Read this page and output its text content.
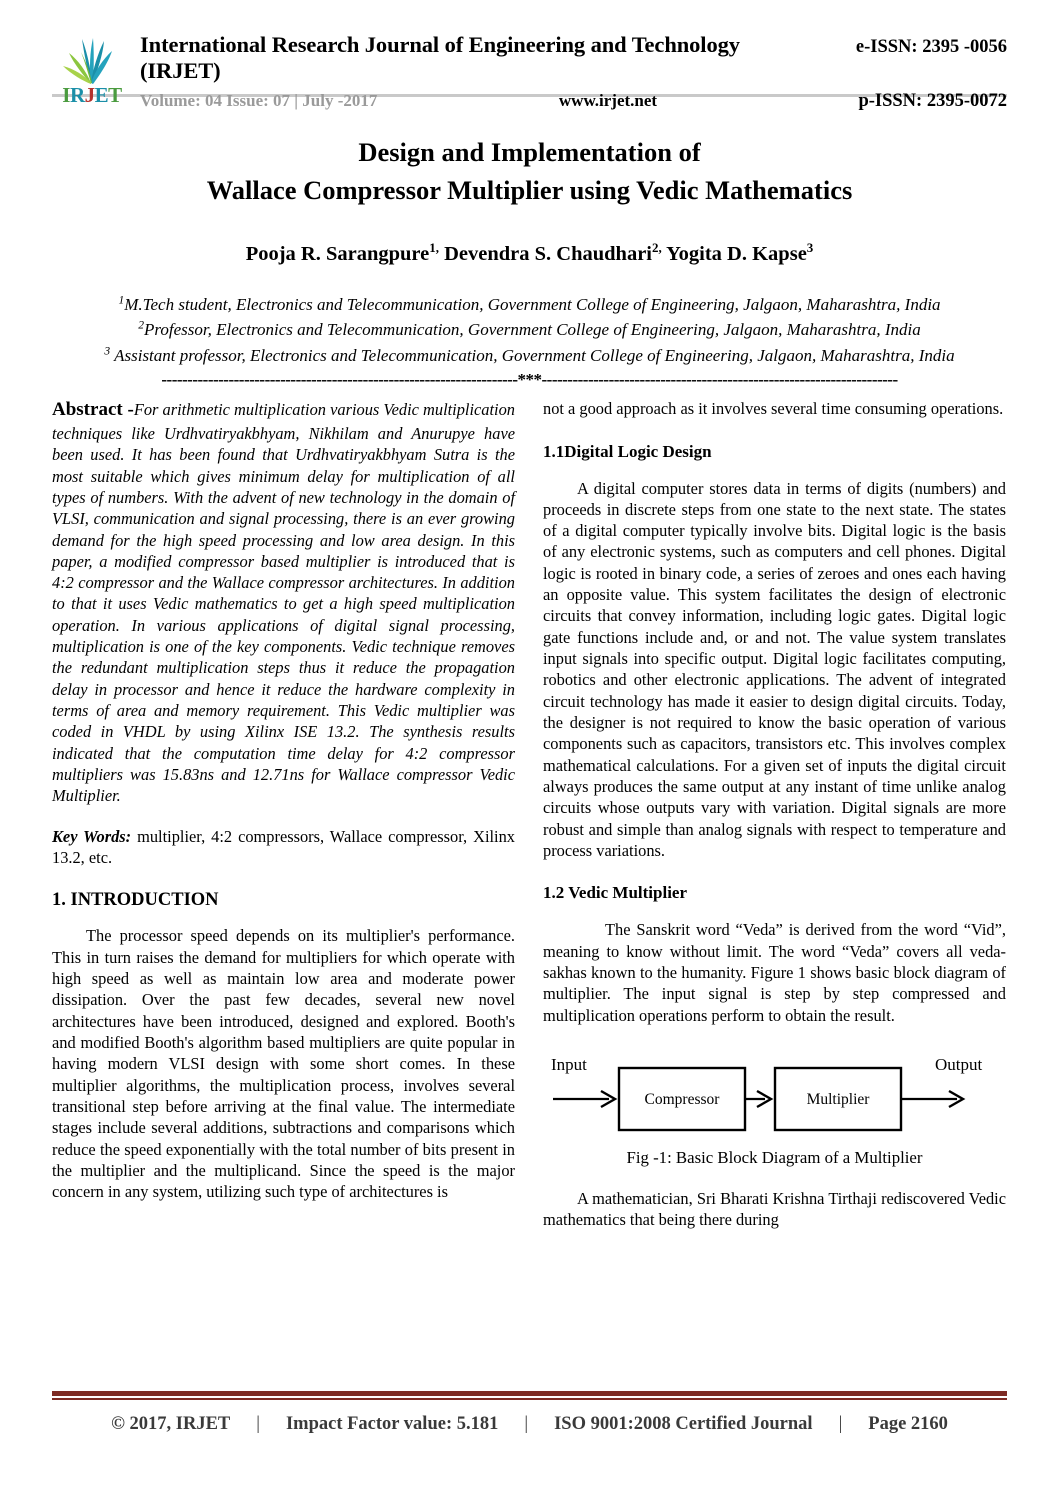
IRJET
International Research Journal of Engineering and Technology (IRJET)
e-ISSN: 2395 -0056
Volume: 04 Issue: 07 | July -2017	www.irjet.net	p-ISSN: 2395-0072
Design and Implementation of
Wallace Compressor Multiplier using Vedic Mathematics
Pooja R. Sarangpure$^{1,}$ Devendra S. Chaudhari$^{2,}$ Yogita D. Kapse$^3$
$^1$M.Tech student, Electronics and Telecommunication, Government College of Engineering, Jalgaon, Maharashtra, India
$^2$Professor, Electronics and Telecommunication, Government College of Engineering, Jalgaon, Maharashtra, India
$^3$ Assistant professor, Electronics and Telecommunication, Government College of Engineering, Jalgaon, Maharashtra, India
---------------------------------------------------------------------***---------------------------------------------------------------------

Abstract -For arithmetic multiplication various Vedic multiplication techniques like Urdhvatiryakbhyam, Nikhilam and Anurupye have been used. It has been found that Urdhvatiryakbhyam Sutra is the most suitable which gives minimum delay for multiplication of all types of numbers. With the advent of new technology in the domain of VLSI, communication and signal processing, there is an ever growing demand for the high speed processing and low area design. In this paper, a modified compressor based multiplier is introduced that is 4:2 compressor and the Wallace compressor architectures. In addition to that it uses Vedic mathematics to get a high speed multiplication operation. In various applications of digital signal processing, multiplication is one of the key components. Vedic technique removes the redundant multiplication steps thus it reduce the propagation delay in processor and hence it reduce the hardware complexity in terms of area and memory requirement. This Vedic multiplier was coded in VHDL by using Xilinx ISE 13.2. The synthesis results indicated that the computation time delay for 4:2 compressor multipliers was 15.83ns and 12.71ns for Wallace compressor Vedic Multiplier.

Key Words: multiplier, 4:2 compressors, Wallace compressor, Xilinx 13.2, etc.

1. INTRODUCTION

The processor speed depends on its multiplier's performance. This in turn raises the demand for multipliers for which operate with high speed as well as maintain low area and moderate power dissipation. Over the past few decades, several new novel architectures have been introduced, designed and explored. Booth's and modified Booth's algorithm based multipliers are quite popular in having modern VLSI design with some short comes. In these multiplier algorithms, the multiplication process, involves several transitional step before arriving at the final value. The intermediate stages include several additions, subtractions and comparisons which reduce the speed exponentially with the total number of bits present in the multiplier and the multiplicand. Since the speed is the major concern in any system, utilizing such type of architectures is

not a good approach as it involves several time consuming operations.

1.1Digital Logic Design

A digital computer stores data in terms of digits (numbers) and proceeds in discrete steps from one state to the next state. The states of a digital computer typically involve bits. Digital logic is the basis of any electronic systems, such as computers and cell phones. Digital logic is rooted in binary code, a series of zeroes and ones each having an opposite value. This system facilitates the design of electronic circuits that convey information, including logic gates. Digital logic gate functions include and, or and not. The value system translates input signals into specific output. Digital logic facilitates computing, robotics and other electronic applications. The advent of integrated circuit technology has made it easier to design digital circuits. Today, the designer is not required to know the basic operation of various components such as capacitors, transistors etc. This involves complex mathematical calculations. For a given set of inputs the digital circuit always produces the same output at any instant of time unlike analog circuits whose outputs vary with variation. Digital signals are more robust and simple than analog signals with respect to temperature and process variations.

1.2 Vedic Multiplier

The Sanskrit word “Veda” is derived from the word “Vid”, meaning to know without limit. The word “Veda” covers all veda-sakhas known to the humanity. Figure 1 shows basic block diagram of multiplier. The input signal is step by step compressed and multiplication operations perform to obtain the result.

Input	Output
Compressor	Multiplier
Fig -1: Basic Block Diagram of a Multiplier

A mathematician, Sri Bharati Krishna Tirthaji rediscovered Vedic mathematics that being there during

© 2017, IRJET	|	Impact Factor value: 5.181	|	ISO 9001:2008 Certified Journal	|	Page 2160
